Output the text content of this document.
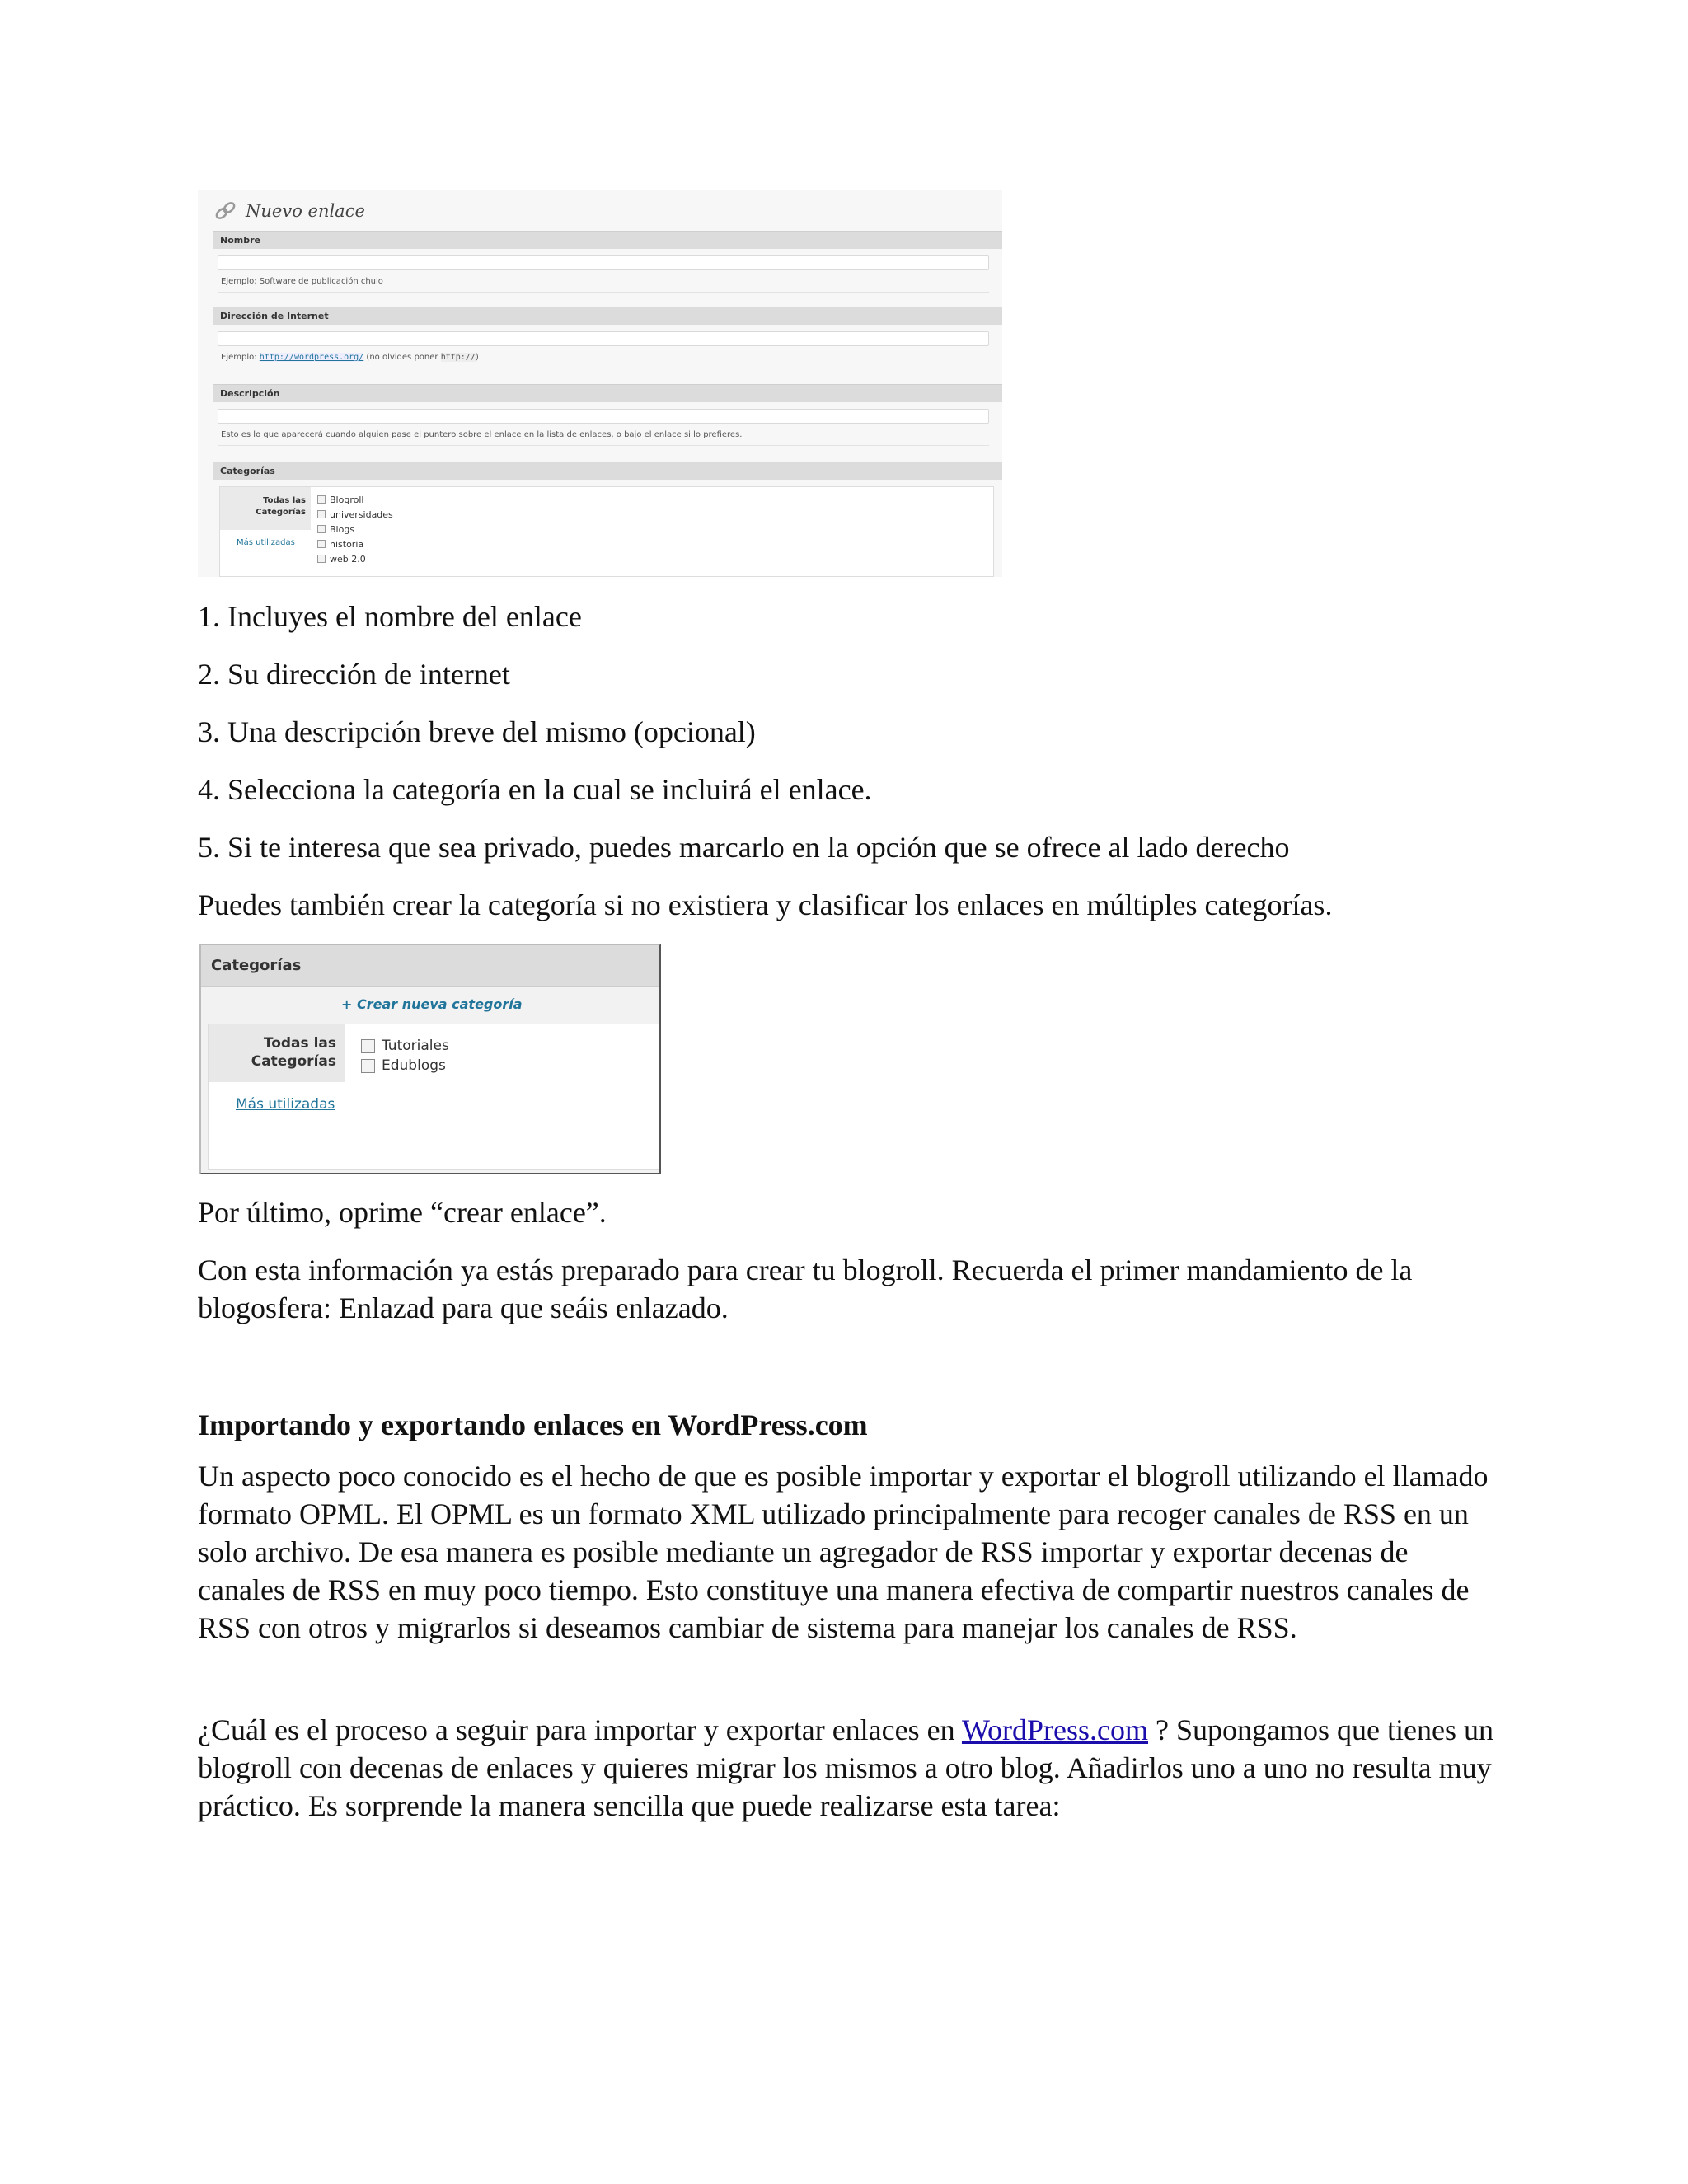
Nuevo enlace
Nombre
Ejemplo: Software de publicación chulo
Dirección de Internet
Ejemplo: http://wordpress.org/ (no olvides poner http://)
Descripción
Esto es lo que aparecerá cuando alguien pase el puntero sobre el enlace en la lista de enlaces, o bajo el enlace si lo prefieres.
Categorías
Todas las Categorías
Más utilizadas
Blogroll
universidades
Blogs
historia
web 2.0
1. Incluyes el nombre del enlace
2. Su dirección de internet
3. Una descripción breve del mismo (opcional)
4. Selecciona la categoría en la cual se incluirá el enlace.
5. Si te interesa que sea privado, puedes marcarlo en la opción que se ofrece al lado derecho
Puedes también crear la categoría si no existiera y clasificar los enlaces en múltiples categorías.
Categorías
+ Crear nueva categoría
Todas las Categorías
Más utilizadas
Tutoriales
Edublogs
Por último, oprime “crear enlace”.
Con esta información ya estás preparado para crear tu blogroll. Recuerda el primer mandamiento de la blogosfera: Enlazad para que seáis enlazado.
Importando y exportando enlaces en WordPress.com
Un aspecto poco conocido es el hecho de que es posible importar y exportar el blogroll utilizando el llamado formato OPML. El OPML es un formato XML utilizado principalmente para recoger canales de RSS en un solo archivo. De esa manera es posible mediante un agregador de RSS importar y exportar decenas de canales de RSS en muy poco tiempo. Esto constituye una manera efectiva de compartir nuestros canales de RSS con otros y migrarlos si deseamos cambiar de sistema para manejar los canales de RSS.
¿Cuál es el proceso a seguir para importar y exportar enlaces en WordPress.com ? Supongamos que tienes un blogroll con decenas de enlaces y quieres migrar los mismos a otro blog. Añadirlos uno a uno no resulta muy práctico. Es sorprende la manera sencilla que puede realizarse esta tarea:
